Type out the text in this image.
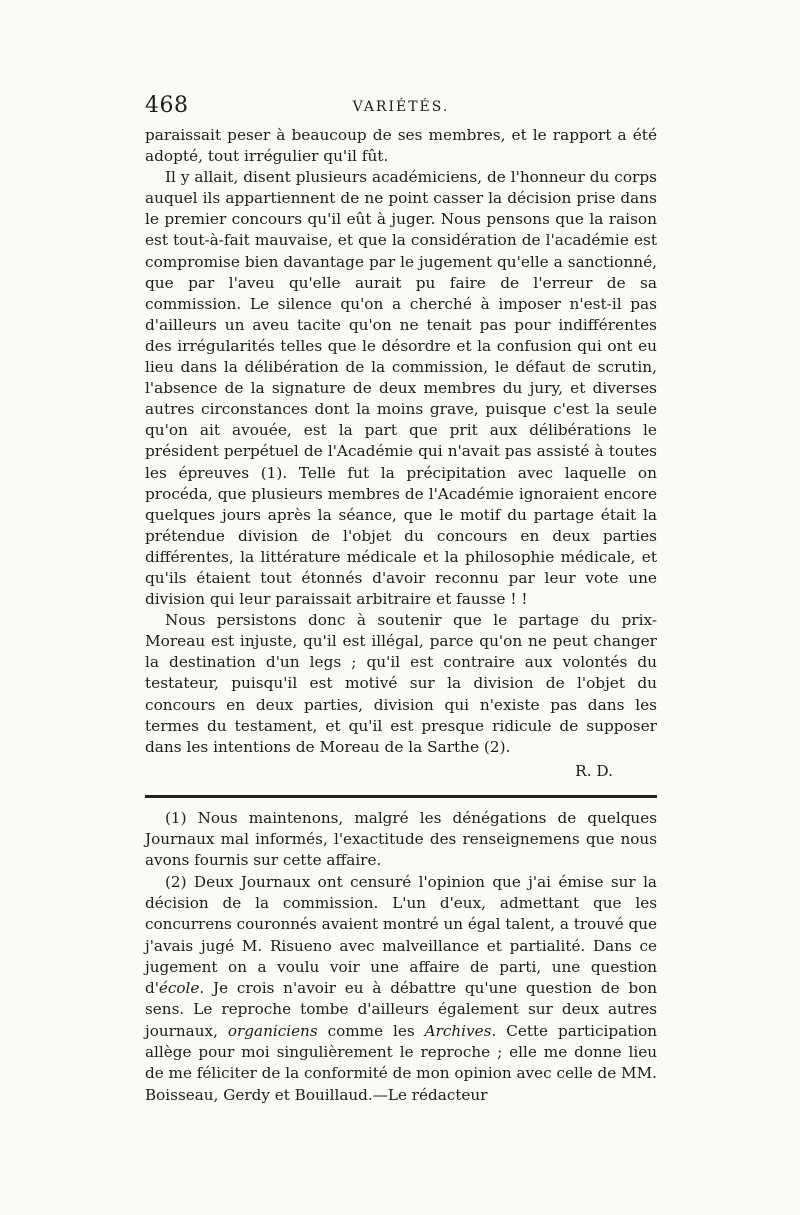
468	VARIÉTÉS.

paraissait peser à beaucoup de ses membres, et le rapport a été adopté, tout irrégulier qu'il fût.

Il y allait, disent plusieurs académiciens, de l'honneur du corps auquel ils appartiennent de ne point casser la décision prise dans le premier concours qu'il eût à juger. Nous pensons que la raison est tout-à-fait mauvaise, et que la considération de l'académie est compromise bien davantage par le jugement qu'elle a sanctionné, que par l'aveu qu'elle aurait pu faire de l'erreur de sa commission. Le silence qu'on a cherché à imposer n'est-il pas d'ailleurs un aveu tacite qu'on ne tenait pas pour indifférentes des irrégularités telles que le désordre et la confusion qui ont eu lieu dans la délibération de la commission, le défaut de scrutin, l'absence de la signature de deux membres du jury, et diverses autres circonstances dont la moins grave, puisque c'est la seule qu'on ait avouée, est la part que prit aux délibérations le président perpétuel de l'Académie qui n'avait pas assisté à toutes les épreuves (1). Telle fut la précipitation avec laquelle on procéda, que plusieurs membres de l'Académie ignoraient encore quelques jours après la séance, que le motif du partage était la prétendue division de l'objet du concours en deux parties différentes, la littérature médicale et la philosophie médicale, et qu'ils étaient tout étonnés d'avoir reconnu par leur vote une division qui leur paraissait arbitraire et fausse ! !

Nous persistons donc à soutenir que le partage du prix-Moreau est injuste, qu'il est illégal, parce qu'on ne peut changer la destination d'un legs ; qu'il est contraire aux volontés du testateur, puisqu'il est motivé sur la division de l'objet du concours en deux parties, division qui n'existe pas dans les termes du testament, et qu'il est presque ridicule de supposer dans les intentions de Moreau de la Sarthe (2).

R. D.

(1) Nous maintenons, malgré les dénégations de quelques Journaux mal informés, l'exactitude des renseignemens que nous avons fournis sur cette affaire.

(2) Deux Journaux ont censuré l'opinion que j'ai émise sur la décision de la commission. L'un d'eux, admettant que les concurrens couronnés avaient montré un égal talent, a trouvé que j'avais jugé M. Risueno avec malveillance et partialité. Dans ce jugement on a voulu voir une affaire de parti, une question d'école. Je crois n'avoir eu à débattre qu'une question de bon sens. Le reproche tombe d'ailleurs également sur deux autres journaux, organiciens comme les Archives. Cette participation allège pour moi singulièrement le reproche ; elle me donne lieu de me féliciter de la conformité de mon opinion avec celle de MM. Boisseau, Gerdy et Bouillaud.—Le rédacteur
